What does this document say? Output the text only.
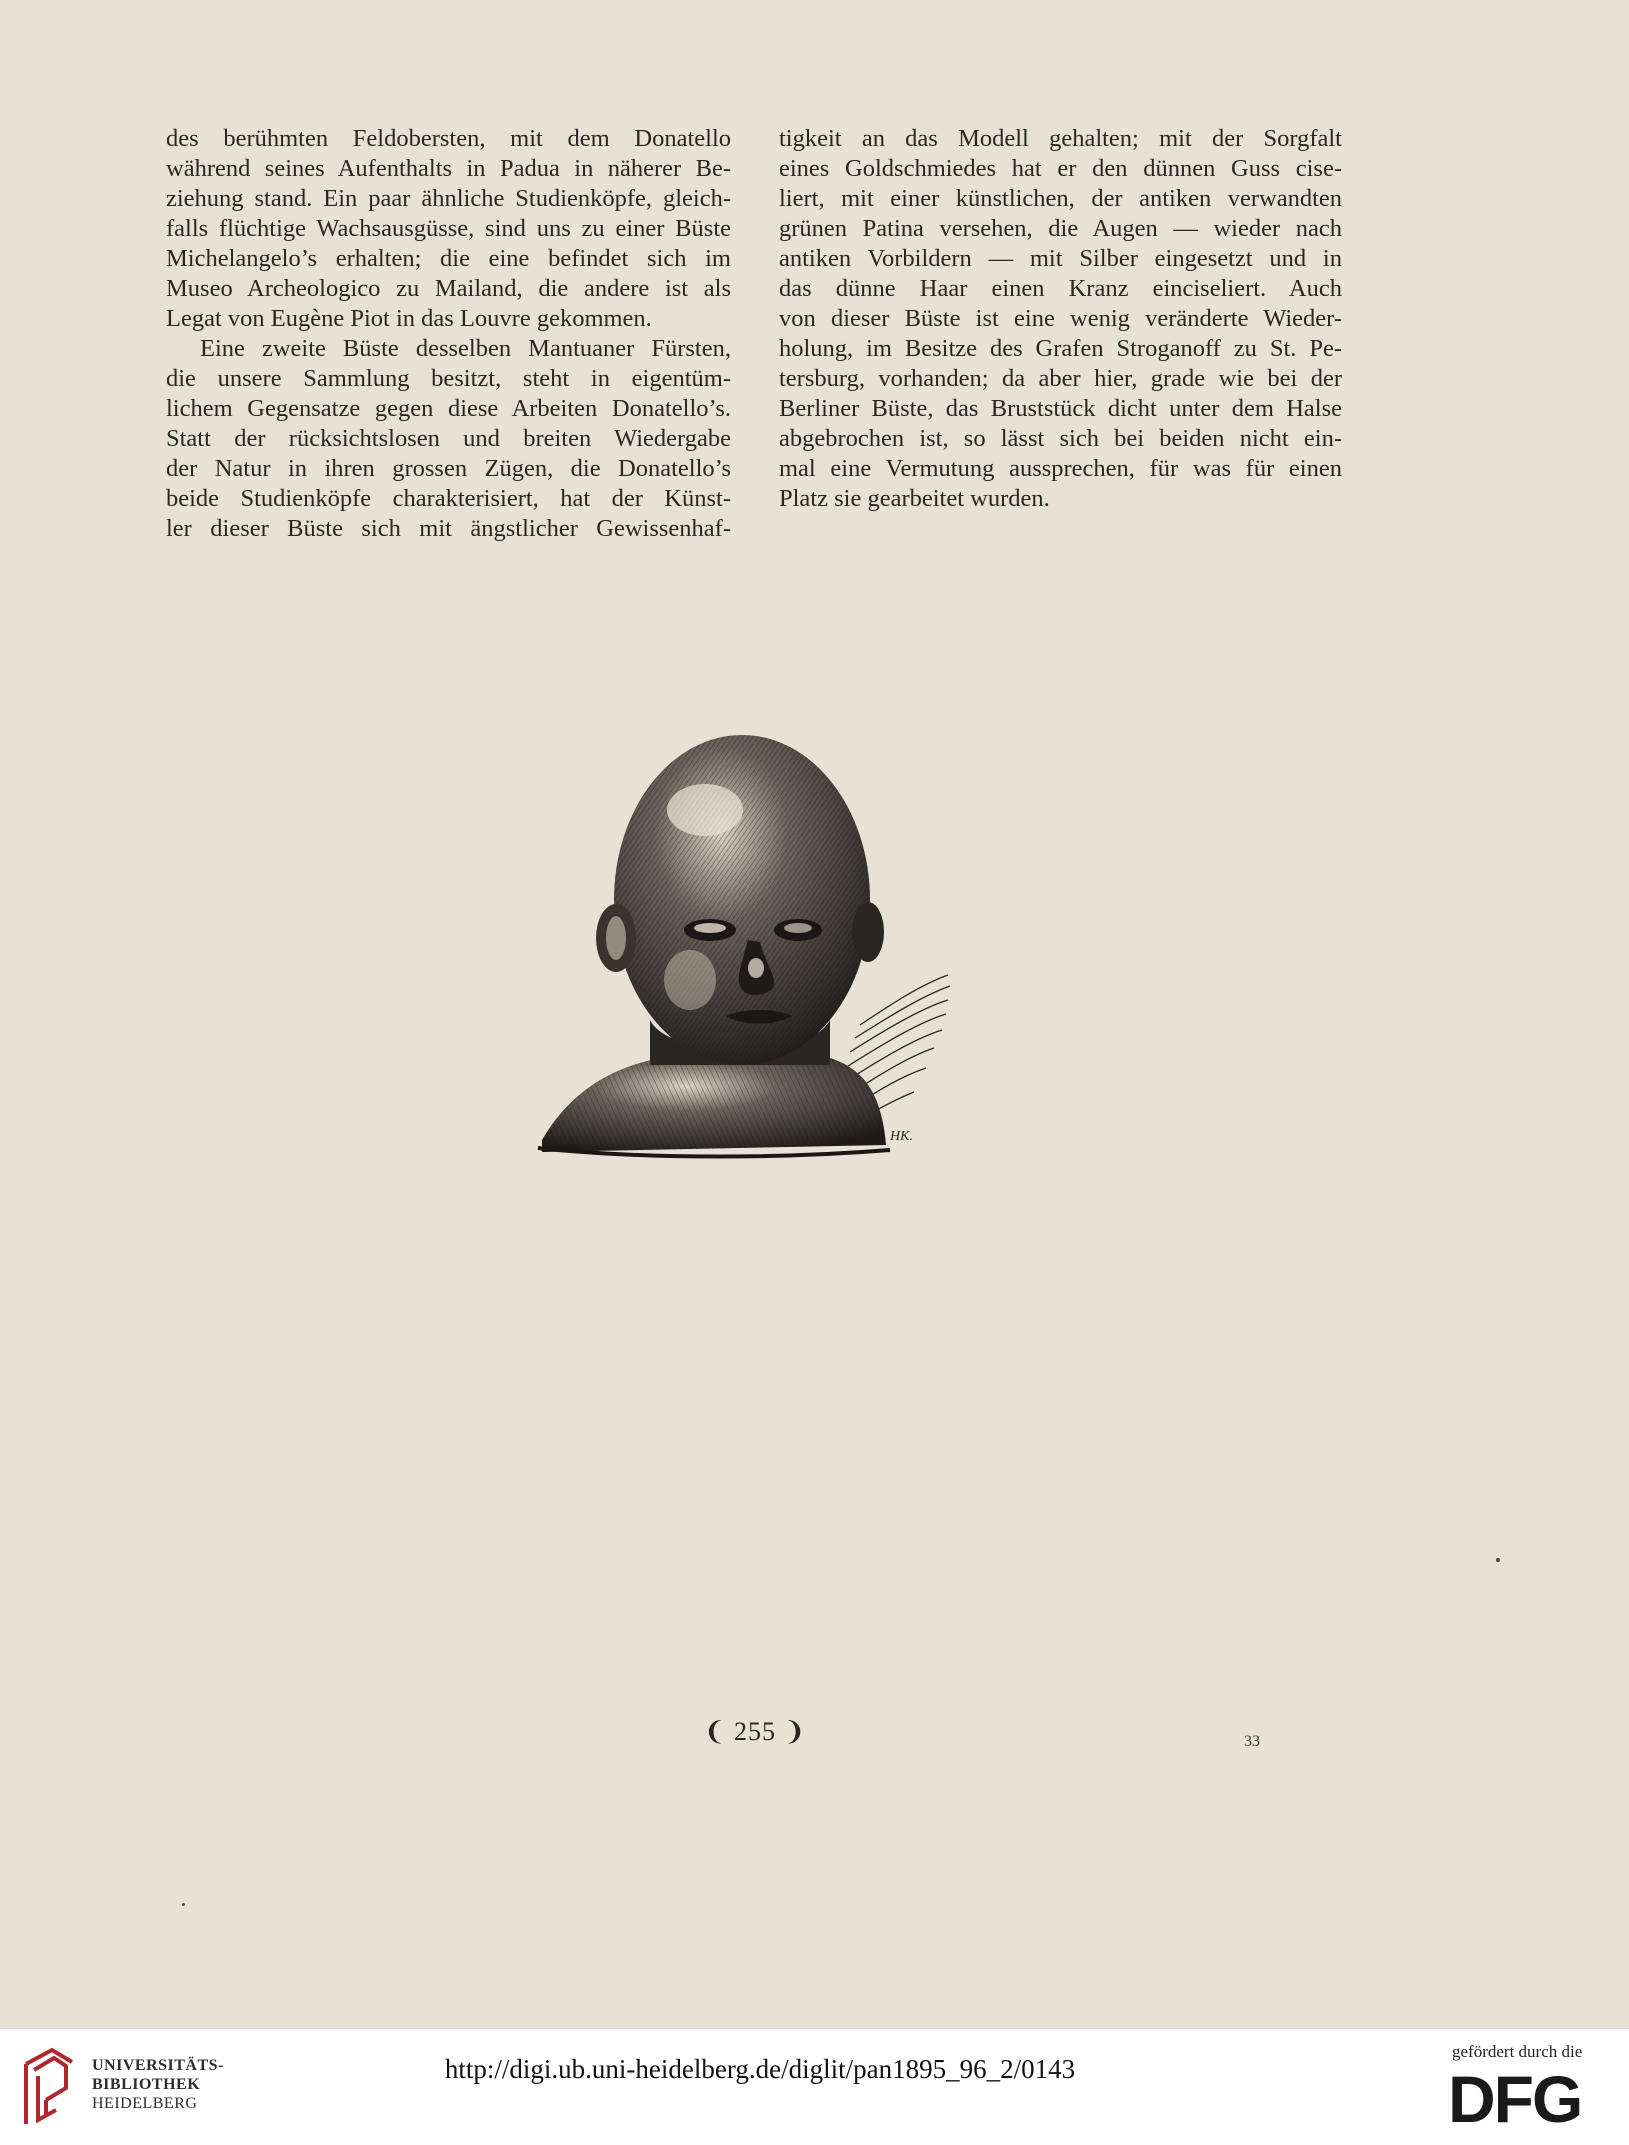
des berühmten Feldobersten, mit dem Donatello
während seines Aufenthalts in Padua in näherer Be-
ziehung stand. Ein paar ähnliche Studienköpfe, gleich-
falls flüchtige Wachsausgüsse, sind uns zu einer Büste
Michelangelo’s erhalten; die eine befindet sich im
Museo Archeologico zu Mailand, die andere ist als
Legat von Eugène Piot in das Louvre gekommen.
Eine zweite Büste desselben Mantuaner Fürsten,
die unsere Sammlung besitzt, steht in eigentüm-
lichem Gegensatze gegen diese Arbeiten Donatello’s.
Statt der rücksichtslosen und breiten Wiedergabe
der Natur in ihren grossen Zügen, die Donatello’s
beide Studienköpfe charakterisiert, hat der Künst-
ler dieser Büste sich mit ängstlicher Gewissenhaf-
tigkeit an das Modell gehalten; mit der Sorgfalt
eines Goldschmiedes hat er den dünnen Guss cise-
liert, mit einer künstlichen, der antiken verwandten
grünen Patina versehen, die Augen — wieder nach
antiken Vorbildern — mit Silber eingesetzt und in
das dünne Haar einen Kranz einciseliert. Auch
von dieser Büste ist eine wenig veränderte Wieder-
holung, im Besitze des Grafen Stroganoff zu St. Pe-
tersburg, vorhanden; da aber hier, grade wie bei der
Berliner Büste, das Bruststück dicht unter dem Halse
abgebrochen ist, so lässt sich bei beiden nicht ein-
mal eine Vermutung aussprechen, für was für einen
Platz sie gearbeitet wurden.
HK.
❨ 255 ❩	33
UNIVERSITÄTS-
BIBLIOTHEK
HEIDELBERG
http://digi.ub.uni-heidelberg.de/diglit/pan1895_96_2/0143
gefördert durch die
DFG
